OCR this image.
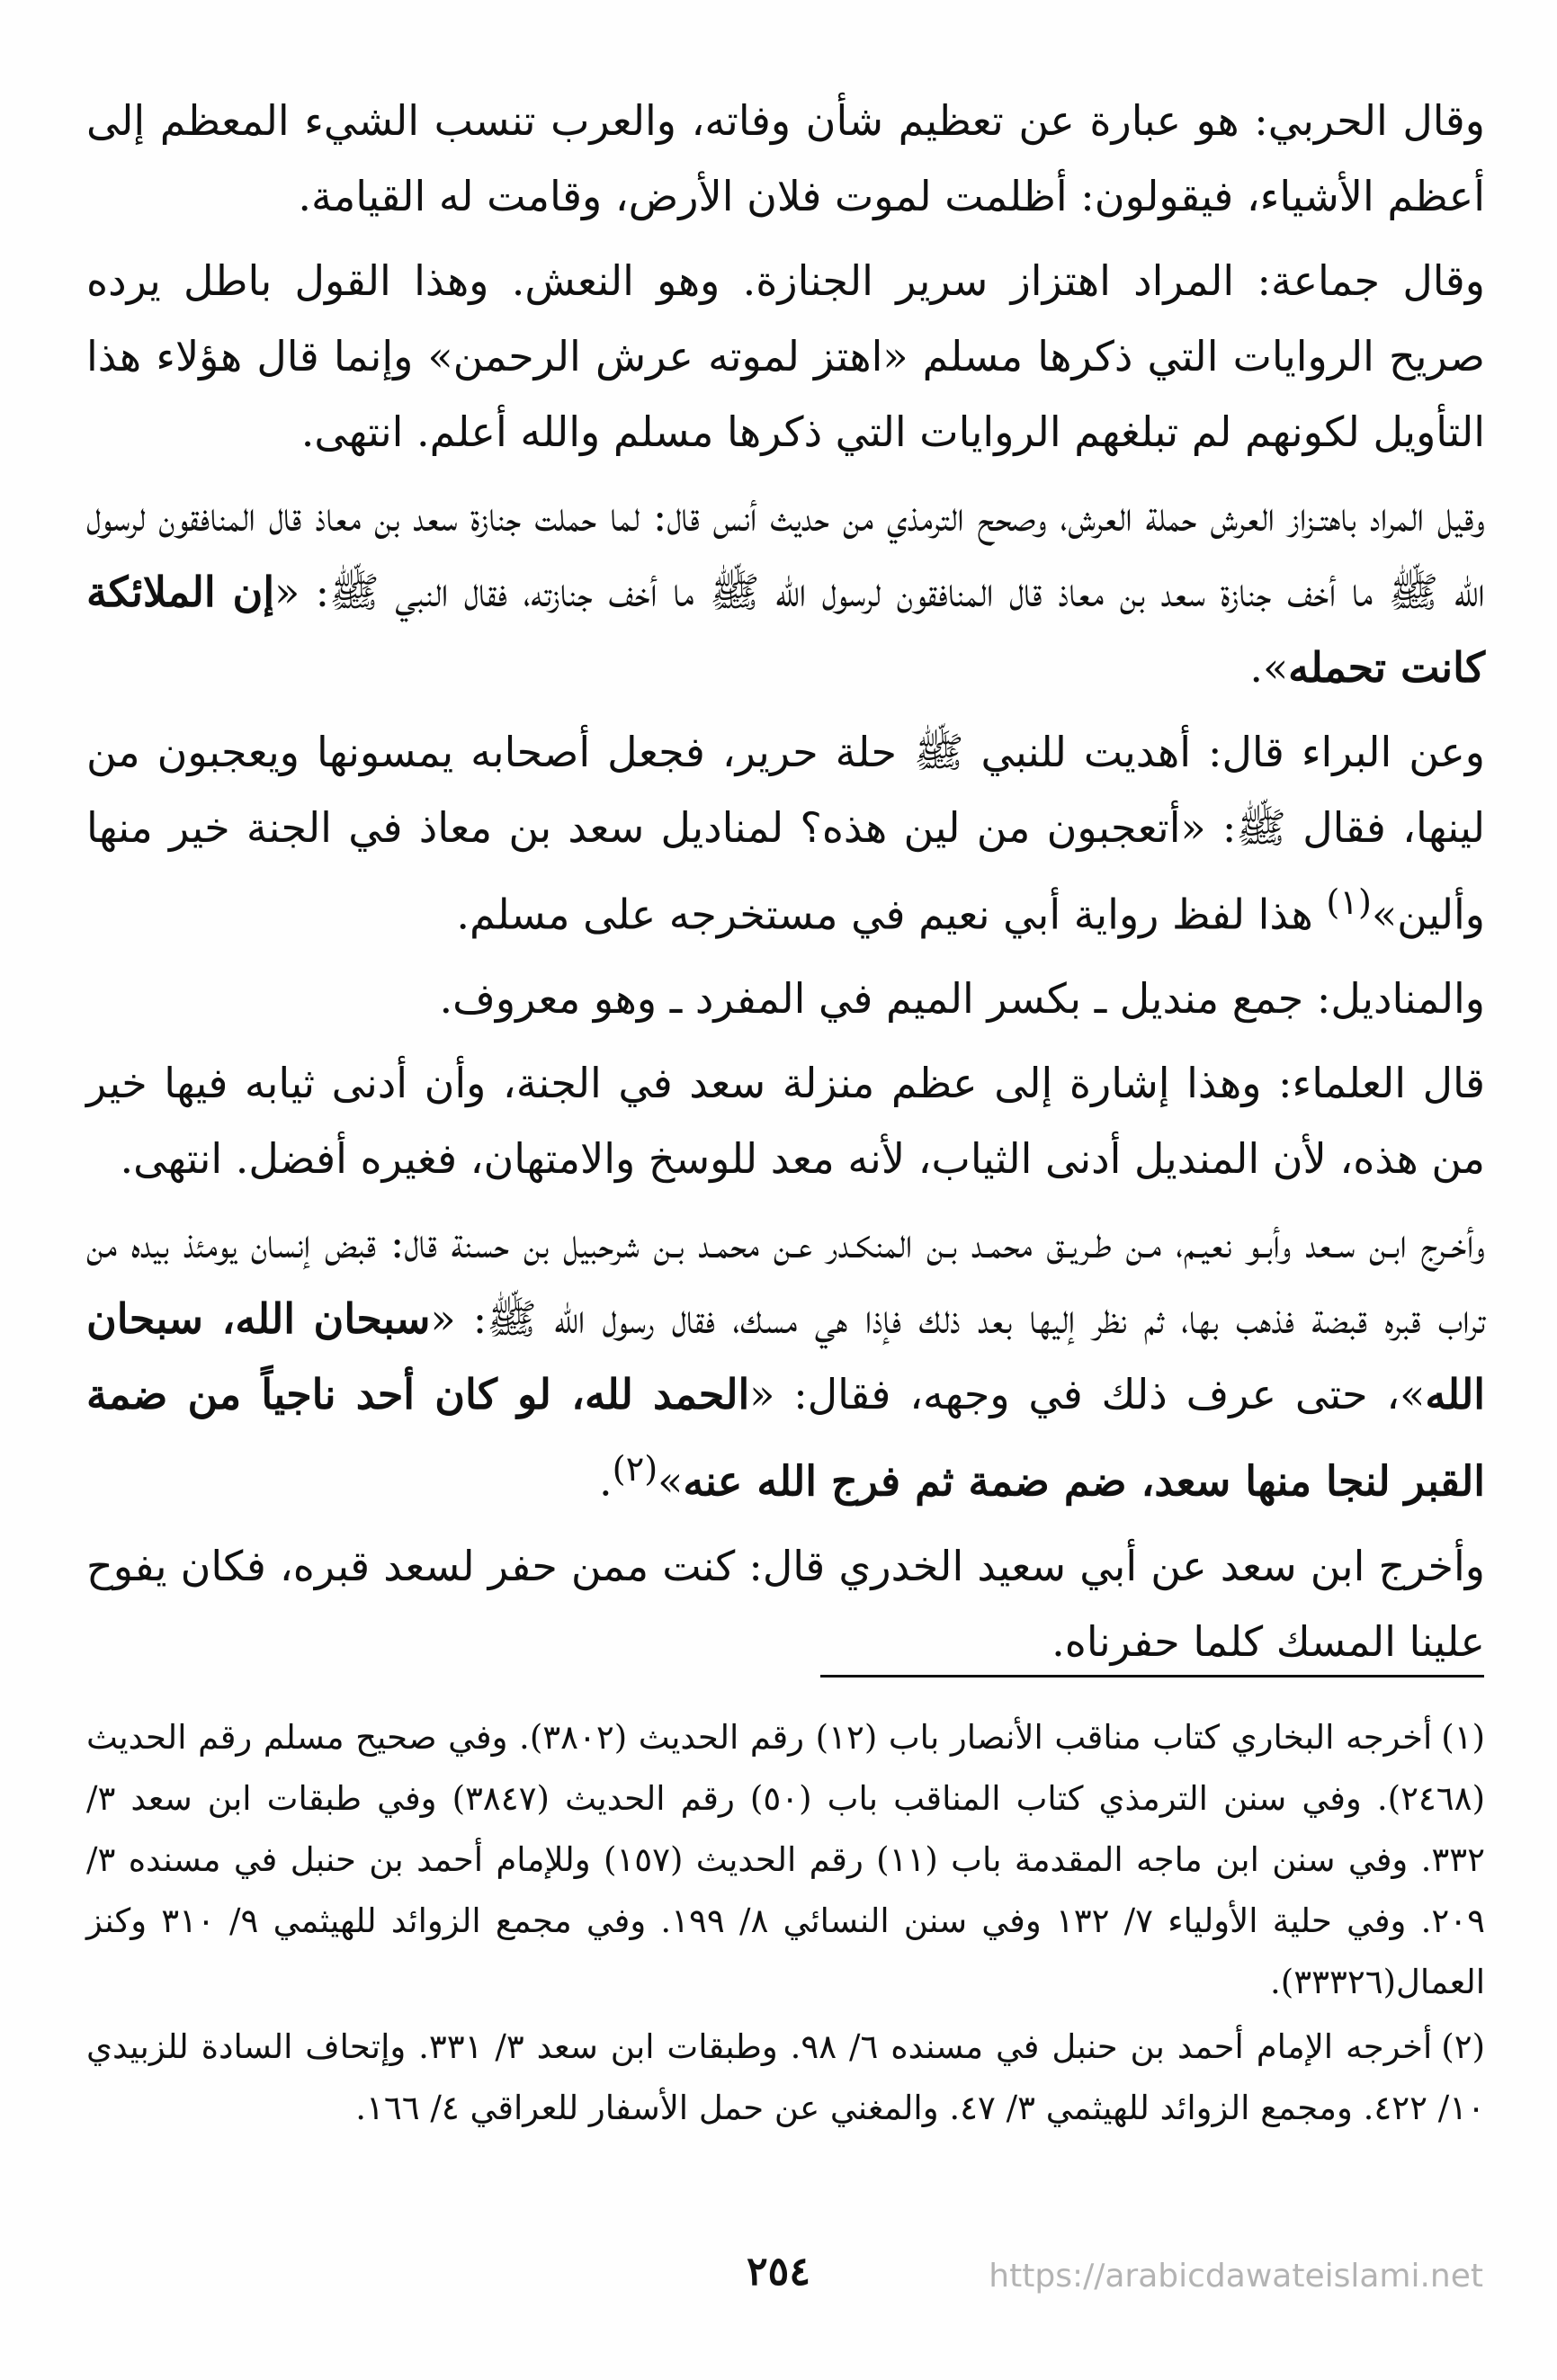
وقال الحربي: هو عبارة عن تعظيم شأن وفاته، والعرب تنسب الشيء المعظم إلى أعظم الأشياء، فيقولون: أظلمت لموت فلان الأرض، وقامت له القيامة.

وقال جماعة: المراد اهتزاز سرير الجنازة. وهو النعش. وهذا القول باطل يرده صريح الروايات التي ذكرها مسلم «اهتز لموته عرش الرحمن» وإنما قال هؤلاء هذا التأويل لكونهم لم تبلغهم الروايات التي ذكرها مسلم والله أعلم. انتهى.

وقيل المراد باهتـزاز العرش حملة العرش، وصحح الترمذي من حديث أنس قال: لما حملت جنازة سعد بن معاذ قال المنافقون لرسول الله ﷺ ما أخف جنازة سعد بن معاذ قال المنافقون لرسول الله ﷺ ما أخف جنازته، فقال النبي ﷺ: «إن الملائكة كانت تحمله».

وعن البراء قال: أهديت للنبي ﷺ حلة حرير، فجعل أصحابه يمسونها ويعجبون من لينها، فقال ﷺ: «أتعجبون من لين هذه؟ لمناديل سعد بن معاذ في الجنة خير منها وألين»$^{(١)}$ هذا لفظ رواية أبي نعيم في مستخرجه على مسلم.

والمناديل: جمع منديل ـ بكسر الميم في المفرد ـ وهو معروف.

قال العلماء: وهذا إشارة إلى عظم منزلة سعد في الجنة، وأن أدنى ثيابه فيها خير من هذه، لأن المنديل أدنى الثياب، لأنه معد للوسخ والامتهان، فغيره أفضل. انتهى.

وأخـرج ابـن سـعد وأبـو نعيـم، مـن طـريـق محمـد بـن المنكـدر عـن محمـد بـن شرحبيل بن حسنة قال: قبض إنسان يومئذ بيده من تراب قبره قبضة فذهب بها، ثم نظر إليها بعد ذلك فإذا هي مسك، فقال رسول الله ﷺ: «سبحان الله، سبحان الله»، حتى عرف ذلك في وجهه، فقال: «الحمد لله، لو كان أحد ناجياً من ضمة القبر لنجا منها سعد، ضم ضمة ثم فرج الله عنه»$^{(٢)}$.

وأخرج ابن سعد عن أبي سعيد الخدري قال: كنت ممن حفر لسعد قبره، فكان يفوح علينا المسك كلما حفرناه.

(١)أخرجه البخاري كتاب مناقب الأنصار باب (١٢) رقم الحديث (٣٨٠٢). وفي صحيح مسلم رقم الحديث (٢٤٦٨). وفي سنن الترمذي كتاب المناقب باب (٥٠) رقم الحديث (٣٨٤٧) وفي طبقات ابن سعد ٣/ ٣٣٢. وفي سنن ابن ماجه المقدمة باب (١١) رقم الحديث (١٥٧) وللإمام أحمد بن حنبل في مسنده ٣/ ٢٠٩. وفي حلية الأولياء ٧/ ١٣٢ وفي سنن النسائي ٨/ ١٩٩. وفي مجمع الزوائد للهيثمي ٩/ ٣١٠ وكنز العمال(٣٣٣٢٦).

(٢)أخرجه الإمام أحمد بن حنبل في مسنده ٦/ ٩٨. وطبقات ابن سعد ٣/ ٣٣١. وإتحاف السادة للزبيدي ١٠/ ٤٢٢. ومجمع الزوائد للهيثمي ٣/ ٤٧. والمغني عن حمل الأسفار للعراقي ٤/ ١٦٦.

٢٥٤	https://arabicdawateislami.net
